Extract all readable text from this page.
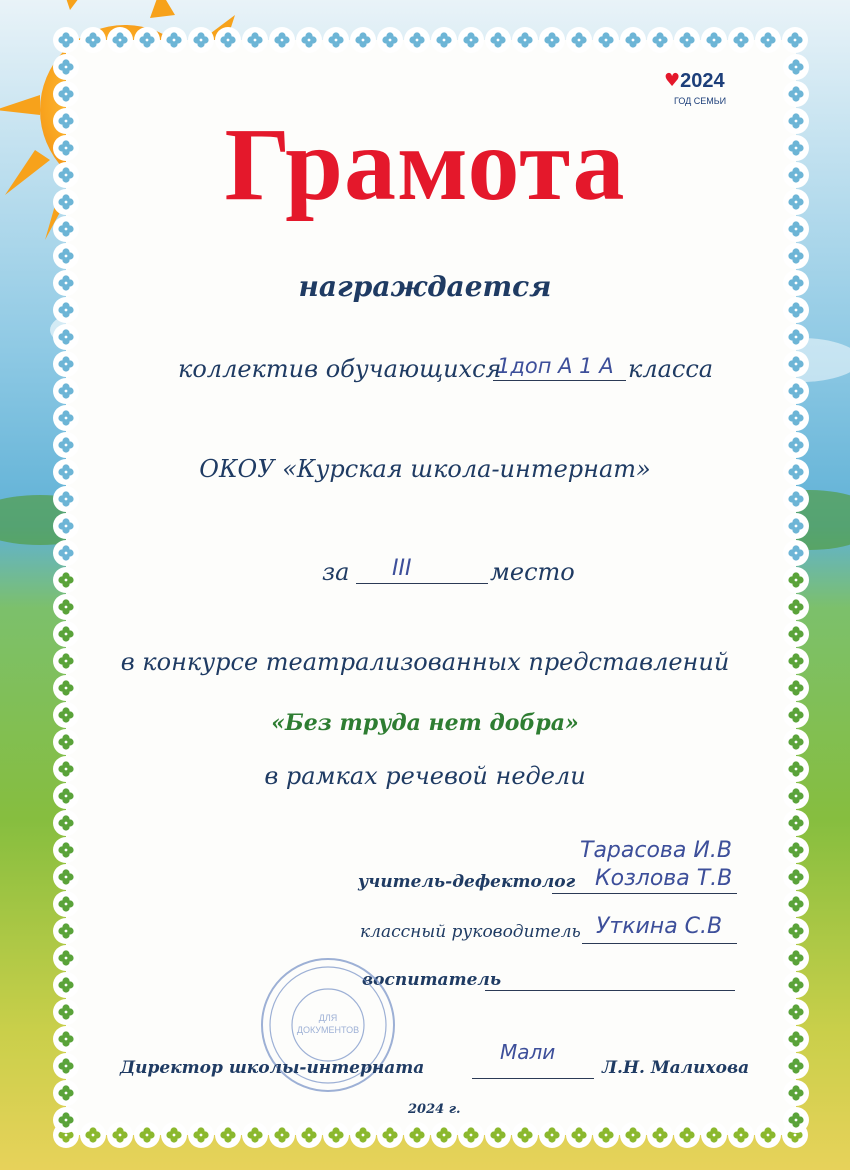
♥2024
ГОД СЕМЬИ
Грамота
награждается
коллектив обучающихся
1доп А 1 А класса
ОКОУ «Курская школа-интернат»
за III	место
в конкурсе театрализованных представлений
«Без труда нет добра»
в рамках речевой недели
Тарасова И.В
учитель-дефектолог Козлова Т.В
классный руководитель Уткина С.В
воспитатель
ДЛЯ
ДОКУМЕНТОВ
Директор школы-интерната
Мали
Л.Н. Малихова
2024 г.
